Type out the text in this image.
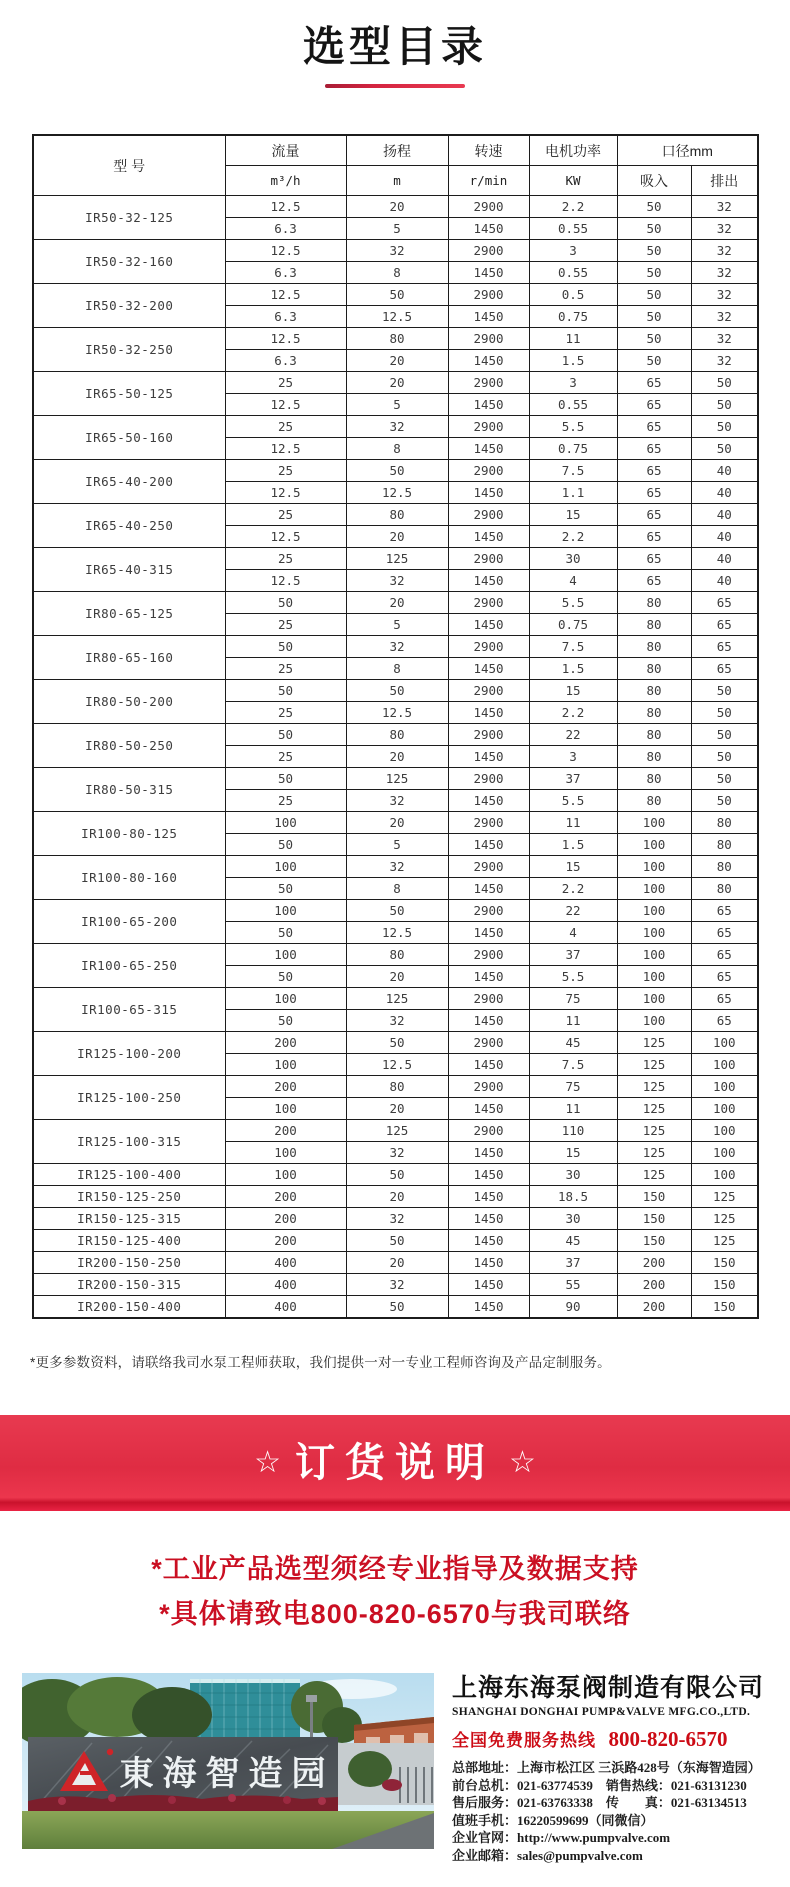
选型目录
型 号	流量	扬程	转速	电机功率	口径mm	
	m³/h	m	r/min	KW	吸入	排出
IR50-32-125	12.5	20	2900	2.2	50	32
	6.3	5	1450	0.55	50	32
IR50-32-160	12.5	32	2900	3	50	32
	6.3	8	1450	0.55	50	32
IR50-32-200	12.5	50	2900	0.5	50	32
	6.3	12.5	1450	0.75	50	32
IR50-32-250	12.5	80	2900	11	50	32
	6.3	20	1450	1.5	50	32
IR65-50-125	25	20	2900	3	65	50
	12.5	5	1450	0.55	65	50
IR65-50-160	25	32	2900	5.5	65	50
	12.5	8	1450	0.75	65	50
IR65-40-200	25	50	2900	7.5	65	40
	12.5	12.5	1450	1.1	65	40
IR65-40-250	25	80	2900	15	65	40
	12.5	20	1450	2.2	65	40
IR65-40-315	25	125	2900	30	65	40
	12.5	32	1450	4	65	40
IR80-65-125	50	20	2900	5.5	80	65
	25	5	1450	0.75	80	65
IR80-65-160	50	32	2900	7.5	80	65
	25	8	1450	1.5	80	65
IR80-50-200	50	50	2900	15	80	50
	25	12.5	1450	2.2	80	50
IR80-50-250	50	80	2900	22	80	50
	25	20	1450	3	80	50
IR80-50-315	50	125	2900	37	80	50
	25	32	1450	5.5	80	50
IR100-80-125	100	20	2900	11	100	80
	50	5	1450	1.5	100	80
IR100-80-160	100	32	2900	15	100	80
	50	8	1450	2.2	100	80
IR100-65-200	100	50	2900	22	100	65
	50	12.5	1450	4	100	65
IR100-65-250	100	80	2900	37	100	65
	50	20	1450	5.5	100	65
IR100-65-315	100	125	2900	75	100	65
	50	32	1450	11	100	65
IR125-100-200	200	50	2900	45	125	100
	100	12.5	1450	7.5	125	100
IR125-100-250	200	80	2900	75	125	100
	100	20	1450	11	125	100
IR125-100-315	200	125	2900	110	125	100
	100	32	1450	15	125	100
IR125-100-400	100	50	1450	30	125	100
IR150-125-250	200	20	1450	18.5	150	125
IR150-125-315	200	32	1450	30	150	125
IR150-125-400	200	50	1450	45	150	125
IR200-150-250	400	20	1450	37	200	150
IR200-150-315	400	32	1450	55	200	150
IR200-150-400	400	50	1450	90	200	150

*更多参数资料，请联络我司水泵工程师获取，我们提供一对一专业工程师咨询及产品定制服务。

☆ 订货说明 ☆

*工业产品选型须经专业指导及数据支持

*具体请致电800-820-6570与我司联络

東海智造园
上海东海泵阀制造有限公司
SHANGHAI DONGHAI PUMP&VALVE MFG.CO.,LTD.
全国免费服务热线 800-820-6570
总部地址：上海市松江区 三浜路428号（东海智造园）
前台总机：021-63774539 销售热线：021-63131230
售后服务：021-63763338 传　　真：021-63134513
值班手机：16220599699（同微信）
企业官网：http://www.pumpvalve.com
企业邮箱：sales@pumpvalve.com
